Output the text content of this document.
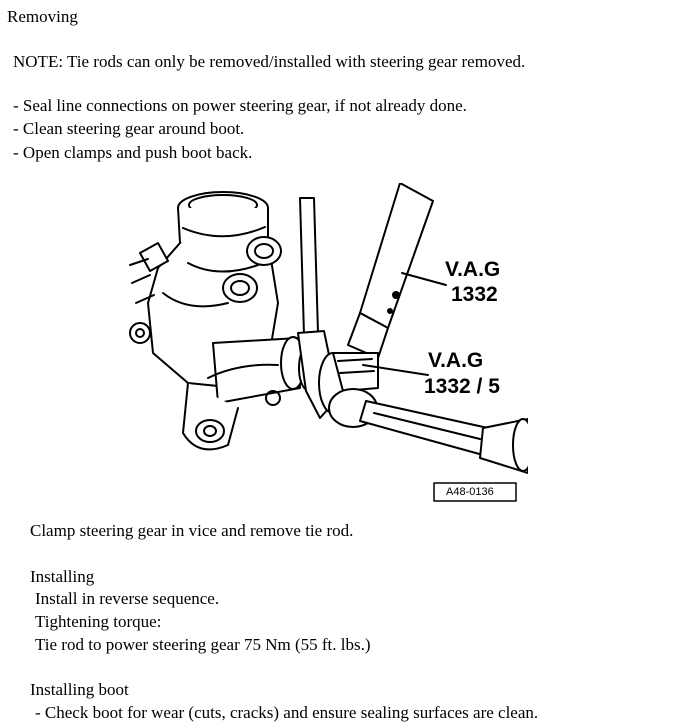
Removing
NOTE: Tie rods can only be removed/installed with steering gear removed.
- Seal line connections on power steering gear, if not already done.
- Clean steering gear around boot.
- Open clamps and push boot back.
V.A.G
1332
V.A.G
1332 / 5
A48-0136
Clamp steering gear in vice and remove tie rod.
Installing
Install in reverse sequence.
Tightening torque:
Tie rod to power steering gear 75 Nm (55 ft. lbs.)
Installing boot
- Check boot for wear (cuts, cracks) and ensure sealing surfaces are clean.
